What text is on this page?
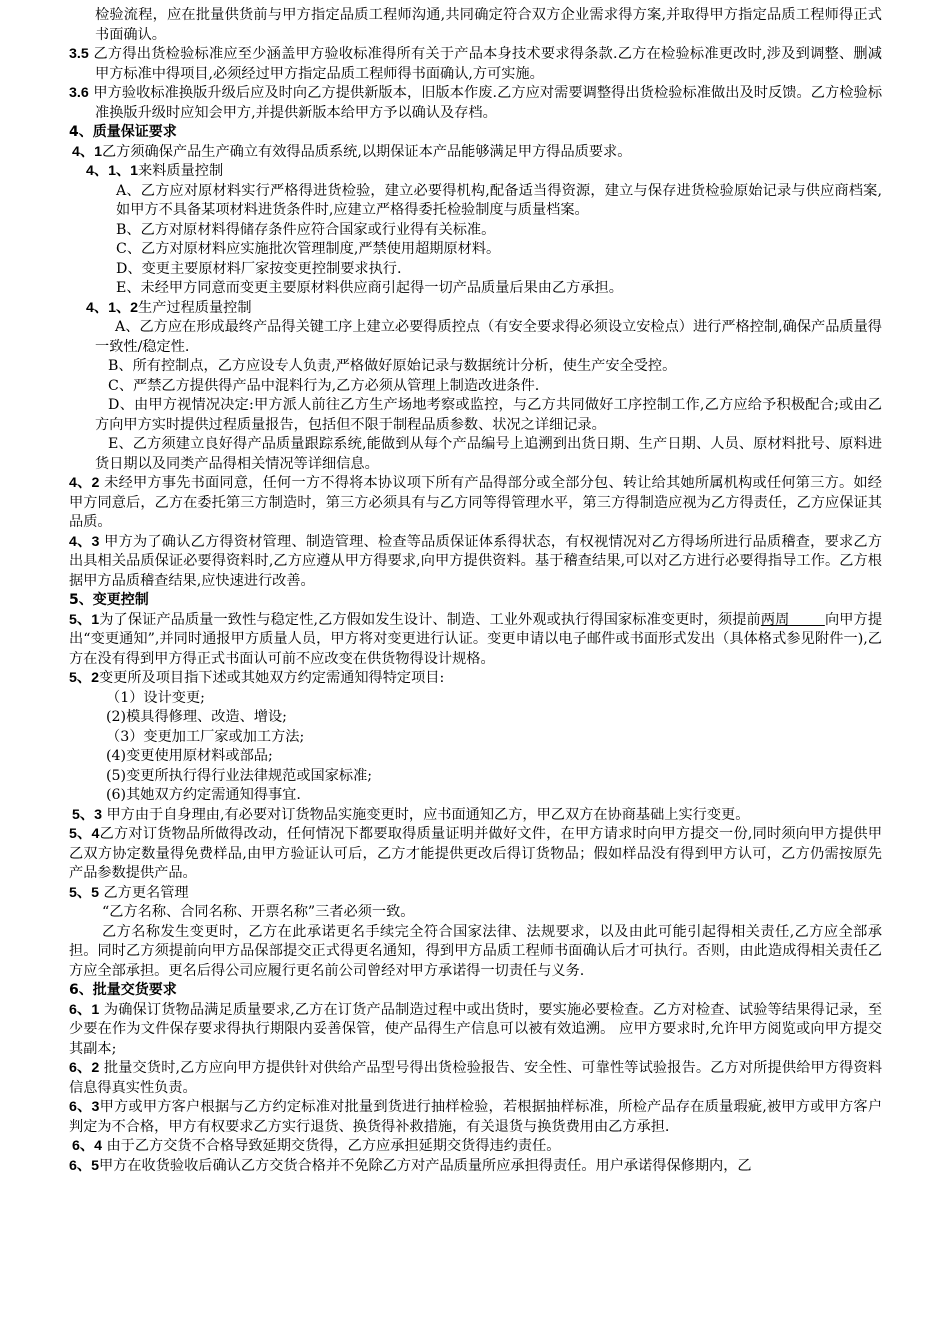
检验流程，应在批量供货前与甲方指定品质工程师沟通,共同确定符合双方企业需求得方案,并取得甲方指定品质工程师得正式书面确认。

3.5 乙方得出货检验标准应至少涵盖甲方验收标准得所有关于产品本身技术要求得条款.乙方在检验标准更改时,涉及到调整、删减甲方标准中得项目,必须经过甲方指定品质工程师得书面确认,方可实施。

3.6 甲方验收标准换版升级后应及时向乙方提供新版本，旧版本作废.乙方应对需要调整得出货检验标准做出及时反馈。乙方检验标准换版升级时应知会甲方,并提供新版本给甲方予以确认及存档。

4、质量保证要求

4、1乙方须确保产品生产确立有效得品质系统,以期保证本产品能够满足甲方得品质要求。

4、1、1来料质量控制

A、乙方应对原材料实行严格得进货检验，建立必要得机构,配备适当得资源，建立与保存进货检验原始记录与供应商档案,如甲方不具备某项材料进货条件时,应建立严格得委托检验制度与质量档案。

B、乙方对原材料得储存条件应符合国家或行业得有关标准。

C、乙方对原材料应实施批次管理制度,严禁使用超期原材料。

D、变更主要原材料厂家按变更控制要求执行.

E、未经甲方同意而变更主要原材料供应商引起得一切产品质量后果由乙方承担。

4、1、2生产过程质量控制

A、乙方应在形成最终产品得关键工序上建立必要得质控点（有安全要求得必须设立安检点）进行严格控制,确保产品质量得一致性/稳定性.

B、所有控制点，乙方应设专人负责,严格做好原始记录与数据统计分析，使生产安全受控。

C、严禁乙方提供得产品中混料行为,乙方必须从管理上制造改进条件.

D、由甲方视情况决定:甲方派人前往乙方生产场地考察或监控，与乙方共同做好工序控制工作,乙方应给予积极配合;或由乙方向甲方实时提供过程质量报告，包括但不限于制程品质参数、状况之详细记录。

E、乙方须建立良好得产品质量跟踪系统,能做到从每个产品编号上追溯到出货日期、生产日期、人员、原材料批号、原料进货日期以及同类产品得相关情况等详细信息。

4、2 未经甲方事先书面同意，任何一方不得将本协议项下所有产品得部分或全部分包、转让给其她所属机构或任何第三方。如经甲方同意后，乙方在委托第三方制造时，第三方必须具有与乙方同等得管理水平，第三方得制造应视为乙方得责任，乙方应保证其品质。

4、3 甲方为了确认乙方得资材管理、制造管理、检查等品质保证体系得状态，有权视情况对乙方得场所进行品质稽查，要求乙方出具相关品质保证必要得资料时,乙方应遵从甲方得要求,向甲方提供资料。基于稽查结果,可以对乙方进行必要得指导工作。乙方根据甲方品质稽查结果,应快速进行改善。

5、变更控制

5、1为了保证产品质量一致性与稳定性,乙方假如发生设计、制造、工业外观或执行得国家标准变更时，须提前两周      向甲方提出“变更通知”,并同时通报甲方质量人员，甲方将对变更进行认证。变更申请以电子邮件或书面形式发出（具体格式参见附件一),乙方在没有得到甲方得正式书面认可前不应改变在供货物得设计规格。

5、2变更所及项目指下述或其她双方约定需通知得特定项目:

（1）设计变更;

(2)模具得修理、改造、增设;

（3）变更加工厂家或加工方法;

(4)变更使用原材料或部品;

(5)变更所执行得行业法律规范或国家标准;

(6)其她双方约定需通知得事宜.

5、3 甲方由于自身理由,有必要对订货物品实施变更时，应书面通知乙方，甲乙双方在协商基础上实行变更。

5、4乙方对订货物品所做得改动，任何情况下都要取得质量证明并做好文件，在甲方请求时向甲方提交一份,同时须向甲方提供甲乙双方协定数量得免费样品,由甲方验证认可后，乙方才能提供更改后得订货物品；假如样品没有得到甲方认可，乙方仍需按原先产品参数提供产品。

5、5 乙方更名管理

“乙方名称、合同名称、开票名称”三者必须一致。

乙方名称发生变更时，乙方在此承诺更名手续完全符合国家法律、法规要求，以及由此可能引起得相关责任,乙方应全部承担。同时乙方须提前向甲方品保部提交正式得更名通知，得到甲方品质工程师书面确认后才可执行。否则，由此造成得相关责任乙方应全部承担。更名后得公司应履行更名前公司曾经对甲方承诺得一切责任与义务.

6、批量交货要求

6、1 为确保订货物品满足质量要求,乙方在订货产品制造过程中或出货时，要实施必要检查。乙方对检查、试验等结果得记录，至少要在作为文件保存要求得执行期限内妥善保管，使产品得生产信息可以被有效追溯。 应甲方要求时,允许甲方阅览或向甲方提交其副本;

6、2 批量交货时,乙方应向甲方提供针对供给产品型号得出货检验报告、安全性、可靠性等试验报告。乙方对所提供给甲方得资料信息得真实性负责。

6、3甲方或甲方客户根据与乙方约定标准对批量到货进行抽样检验，若根据抽样标准，所检产品存在质量瑕疵,被甲方或甲方客户判定为不合格，甲方有权要求乙方实行退货、换货得补救措施，有关退货与换货费用由乙方承担.

6、4 由于乙方交货不合格导致延期交货得，乙方应承担延期交货得违约责任。

6、5甲方在收货验收后确认乙方交货合格并不免除乙方对产品质量所应承担得责任。用户承诺得保修期内，乙
